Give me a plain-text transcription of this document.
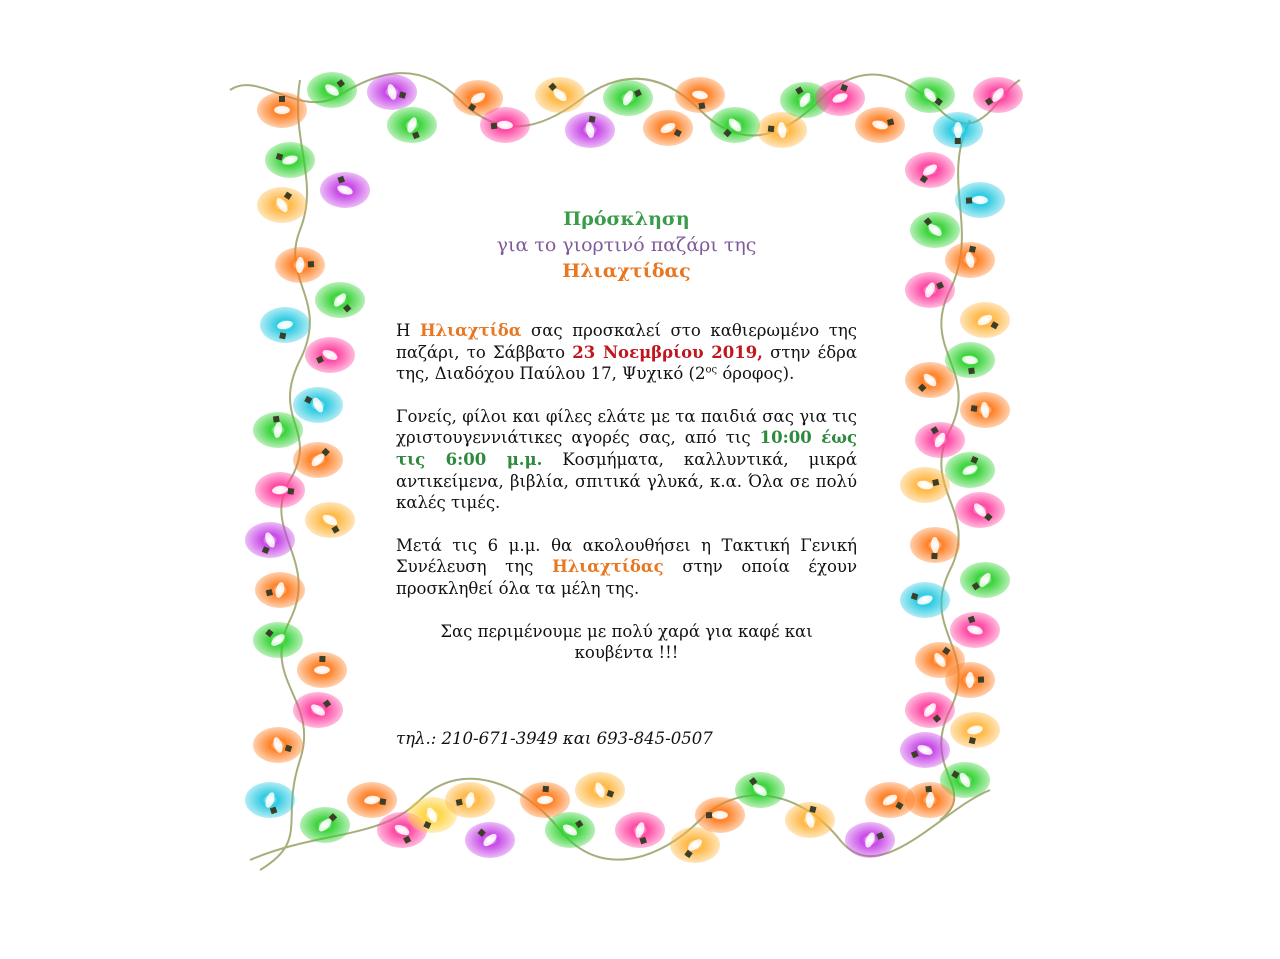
Πρόσκληση
για το γιορτινό παζάρι της
Ηλιαχτίδας

Η Ηλιαχτίδα σας προσκαλεί στο καθιερωμένο της παζάρι, το Σάββατο 23 Νοεμβρίου 2019, στην έδρα της, Διαδόχου Παύλου 17, Ψυχικό ($2^{o\varsigma}$ όροφος).

Γονείς, φίλοι και φίλες ελάτε με τα παιδιά σας για τις χριστουγεννιάτικες αγορές σας, από τις 10:00 έως τις 6:00 μ.μ. Κοσμήματα, καλλυντικά, μικρά αντικείμενα, βιβλία, σπιτικά γλυκά, κ.α. Όλα σε πολύ καλές τιμές.

Μετά τις 6 μ.μ. θα ακολουθήσει η Τακτική Γενική Συνέλευση της Ηλιαχτίδας στην οποία έχουν προσκληθεί όλα τα μέλη της.

Σας περιμένουμε με πολύ χαρά για καφέ και κουβέντα !!!

τηλ.: 210-671-3949 και 693-845-0507
